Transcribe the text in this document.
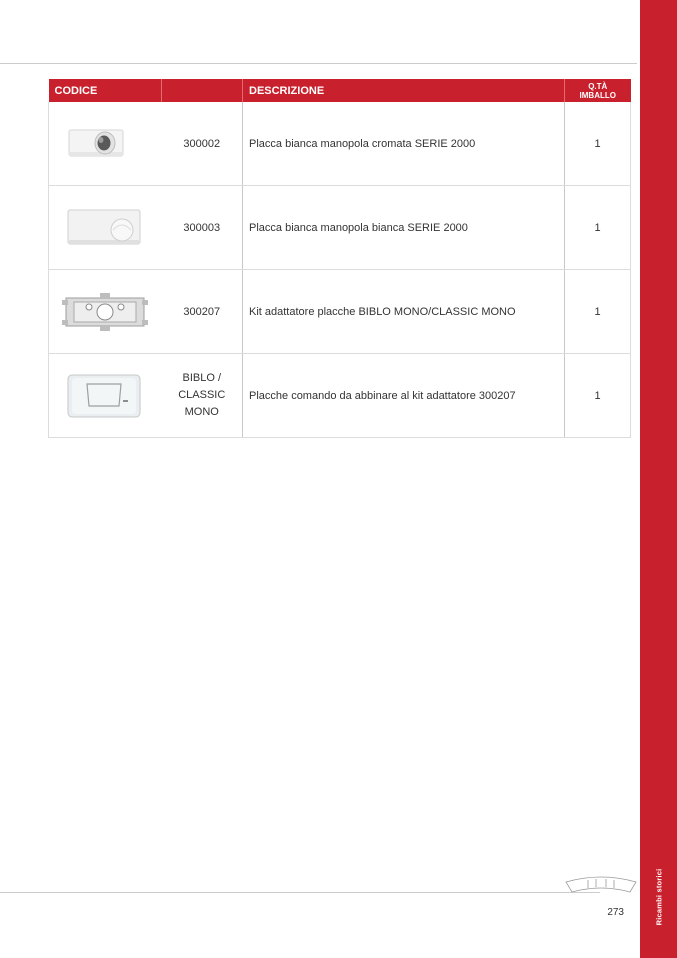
Ricambi storici
CODICE		DESCRIZIONE	Q.TÀ
IMBALLO

	300002	Placca bianca manopola cromata SERIE 2000	1

	300003	Placca bianca manopola bianca SERIE 2000	1

	300207	Kit adattatore placche BIBLO MONO/CLASSIC MONO	1

	BIBLO /
CLASSIC
MONO	Placche comando da abbinare al kit adattatore 300207	1
273
